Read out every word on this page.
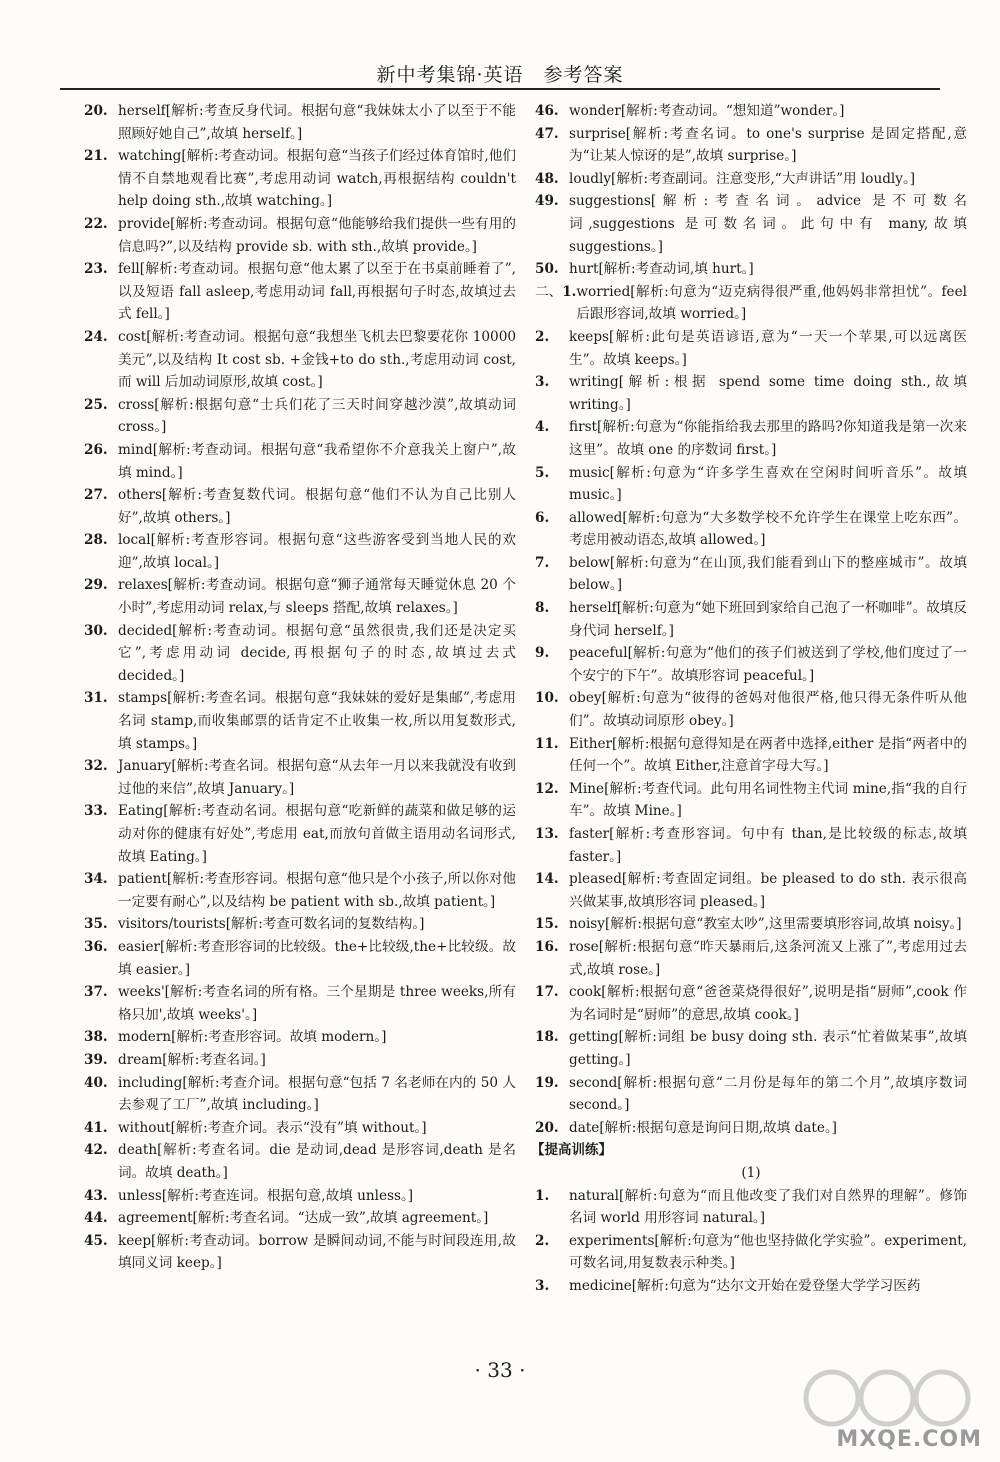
新中考集锦·英语　参考答案
20. herself[解析:考查反身代词。根据句意“我妹妹太小了以至于不能照顾好她自己”,故填 herself。]
21. watching[解析:考查动词。根据句意“当孩子们经过体育馆时,他们情不自禁地观看比赛”,考虑用动词 watch,再根据结构 couldn't help doing sth.,故填 watching。]
22. provide[解析:考查动词。根据句意“他能够给我们提供一些有用的信息吗?”,以及结构 provide sb. with sth.,故填 provide。]
23. fell[解析:考查动词。根据句意“他太累了以至于在书桌前睡着了”,以及短语 fall asleep,考虑用动词 fall,再根据句子时态,故填过去式 fell。]
24. cost[解析:考查动词。根据句意“我想坐飞机去巴黎要花你 10000 美元”,以及结构 It cost sb. +金钱+to do sth.,考虑用动词 cost,而 will 后加动词原形,故填 cost。]
25. cross[解析:根据句意“士兵们花了三天时间穿越沙漠”,故填动词 cross。]
26. mind[解析:考查动词。根据句意“我希望你不介意我关上窗户”,故填 mind。]
27. others[解析:考查复数代词。根据句意“他们不认为自己比别人好”,故填 others。]
28. local[解析:考查形容词。根据句意“这些游客受到当地人民的欢迎”,故填 local。]
29. relaxes[解析:考查动词。根据句意“狮子通常每天睡觉休息 20 个小时”,考虑用动词 relax,与 sleeps 搭配,故填 relaxes。]
30. decided[解析:考查动词。根据句意“虽然很贵,我们还是决定买它”,考虑用动词 decide,再根据句子的时态,故填过去式 decided。]
31. stamps[解析:考查名词。根据句意“我妹妹的爱好是集邮”,考虑用名词 stamp,而收集邮票的话肯定不止收集一枚,所以用复数形式,填 stamps。]
32. January[解析:考查名词。根据句意“从去年一月以来我就没有收到过他的来信”,故填 January。]
33. Eating[解析:考查动名词。根据句意“吃新鲜的蔬菜和做足够的运动对你的健康有好处”,考虑用 eat,而放句首做主语用动名词形式,故填 Eating。]
34. patient[解析:考查形容词。根据句意“他只是个小孩子,所以你对他一定要有耐心”,以及结构 be patient with sb.,故填 patient。]
35. visitors/tourists[解析:考查可数名词的复数结构。]
36. easier[解析:考查形容词的比较级。the+比较级,the+比较级。故填 easier。]
37. weeks'[解析:考查名词的所有格。三个星期是 three weeks,所有格只加',故填 weeks'。]
38. modern[解析:考查形容词。故填 modern。]
39. dream[解析:考查名词。]
40. including[解析:考查介词。根据句意“包括 7 名老师在内的 50 人去参观了工厂”,故填 including。]
41. without[解析:考查介词。表示“没有”填 without。]
42. death[解析:考查名词。die 是动词,dead 是形容词,death 是名词。故填 death。]
43. unless[解析:考查连词。根据句意,故填 unless。]
44. agreement[解析:考查名词。“达成一致”,故填 agreement。]
45. keep[解析:考查动词。borrow 是瞬间动词,不能与时间段连用,故填同义词 keep。]
46. wonder[解析:考查动词。“想知道”wonder。]
47. surprise[解析:考查名词。to one's surprise 是固定搭配,意为“让某人惊讶的是”,故填 surprise。]
48. loudly[解析:考查副词。注意变形,“大声讲话”用 loudly。]
49. suggestions[解析:考查名词。advice 是不可数名词,suggestions 是可数名词。此句中有 many,故填 suggestions。]
50. hurt[解析:考查动词,填 hurt。]
二、1. worried[解析:句意为“迈克病得很严重,他妈妈非常担忧”。feel 后跟形容词,故填 worried。]
2.	keeps[解析:此句是英语谚语,意为“一天一个苹果,可以远离医生”。故填 keeps。]
3.	writing[解析:根据 spend some time doing sth.,故填 writing。]
4.	first[解析:句意为“你能指给我去那里的路吗?你知道我是第一次来这里”。故填 one 的序数词 first。]
5.	music[解析:句意为“许多学生喜欢在空闲时间听音乐”。故填 music。]
6.	allowed[解析:句意为“大多数学校不允许学生在课堂上吃东西”。考虑用被动语态,故填 allowed。]
7.	below[解析:句意为“在山顶,我们能看到山下的整座城市”。故填 below。]
8.	herself[解析:句意为“她下班回到家给自己泡了一杯咖啡”。故填反身代词 herself。]
9.	peaceful[解析:句意为“他们的孩子们被送到了学校,他们度过了一个安宁的下午”。故填形容词 peaceful。]
10. obey[解析:句意为“彼得的爸妈对他很严格,他只得无条件听从他们”。故填动词原形 obey。]
11. Either[解析:根据句意得知是在两者中选择,either 是指“两者中的任何一个”。故填 Either,注意首字母大写。]
12. Mine[解析:考查代词。此句用名词性物主代词 mine,指“我的自行车”。故填 Mine。]
13. faster[解析:考查形容词。句中有 than,是比较级的标志,故填 faster。]
14. pleased[解析:考查固定词组。be pleased to do sth. 表示很高兴做某事,故填形容词 pleased。]
15. noisy[解析:根据句意“教室太吵”,这里需要填形容词,故填 noisy。]
16. rose[解析:根据句意“昨天暴雨后,这条河流又上涨了”,考虑用过去式,故填 rose。]
17. cook[解析:根据句意“爸爸菜烧得很好”,说明是指“厨师”,cook 作为名词时是“厨师”的意思,故填 cook。]
18. getting[解析:词组 be busy doing sth. 表示“忙着做某事”,故填 getting。]
19. second[解析:根据句意“二月份是每年的第二个月”,故填序数词 second。]
20. date[解析:根据句意是询问日期,故填 date。]
【提高训练】
(1)
1.	natural[解析:句意为“而且他改变了我们对自然界的理解”。修饰名词 world 用形容词 natural。]
2.	experiments[解析:句意为“他也坚持做化学实验”。experiment,可数名词,用复数表示种类。]
3.	medicine[解析:句意为“达尔文开始在爱登堡大学学习医药
· 33 ·
MXQE.COM
